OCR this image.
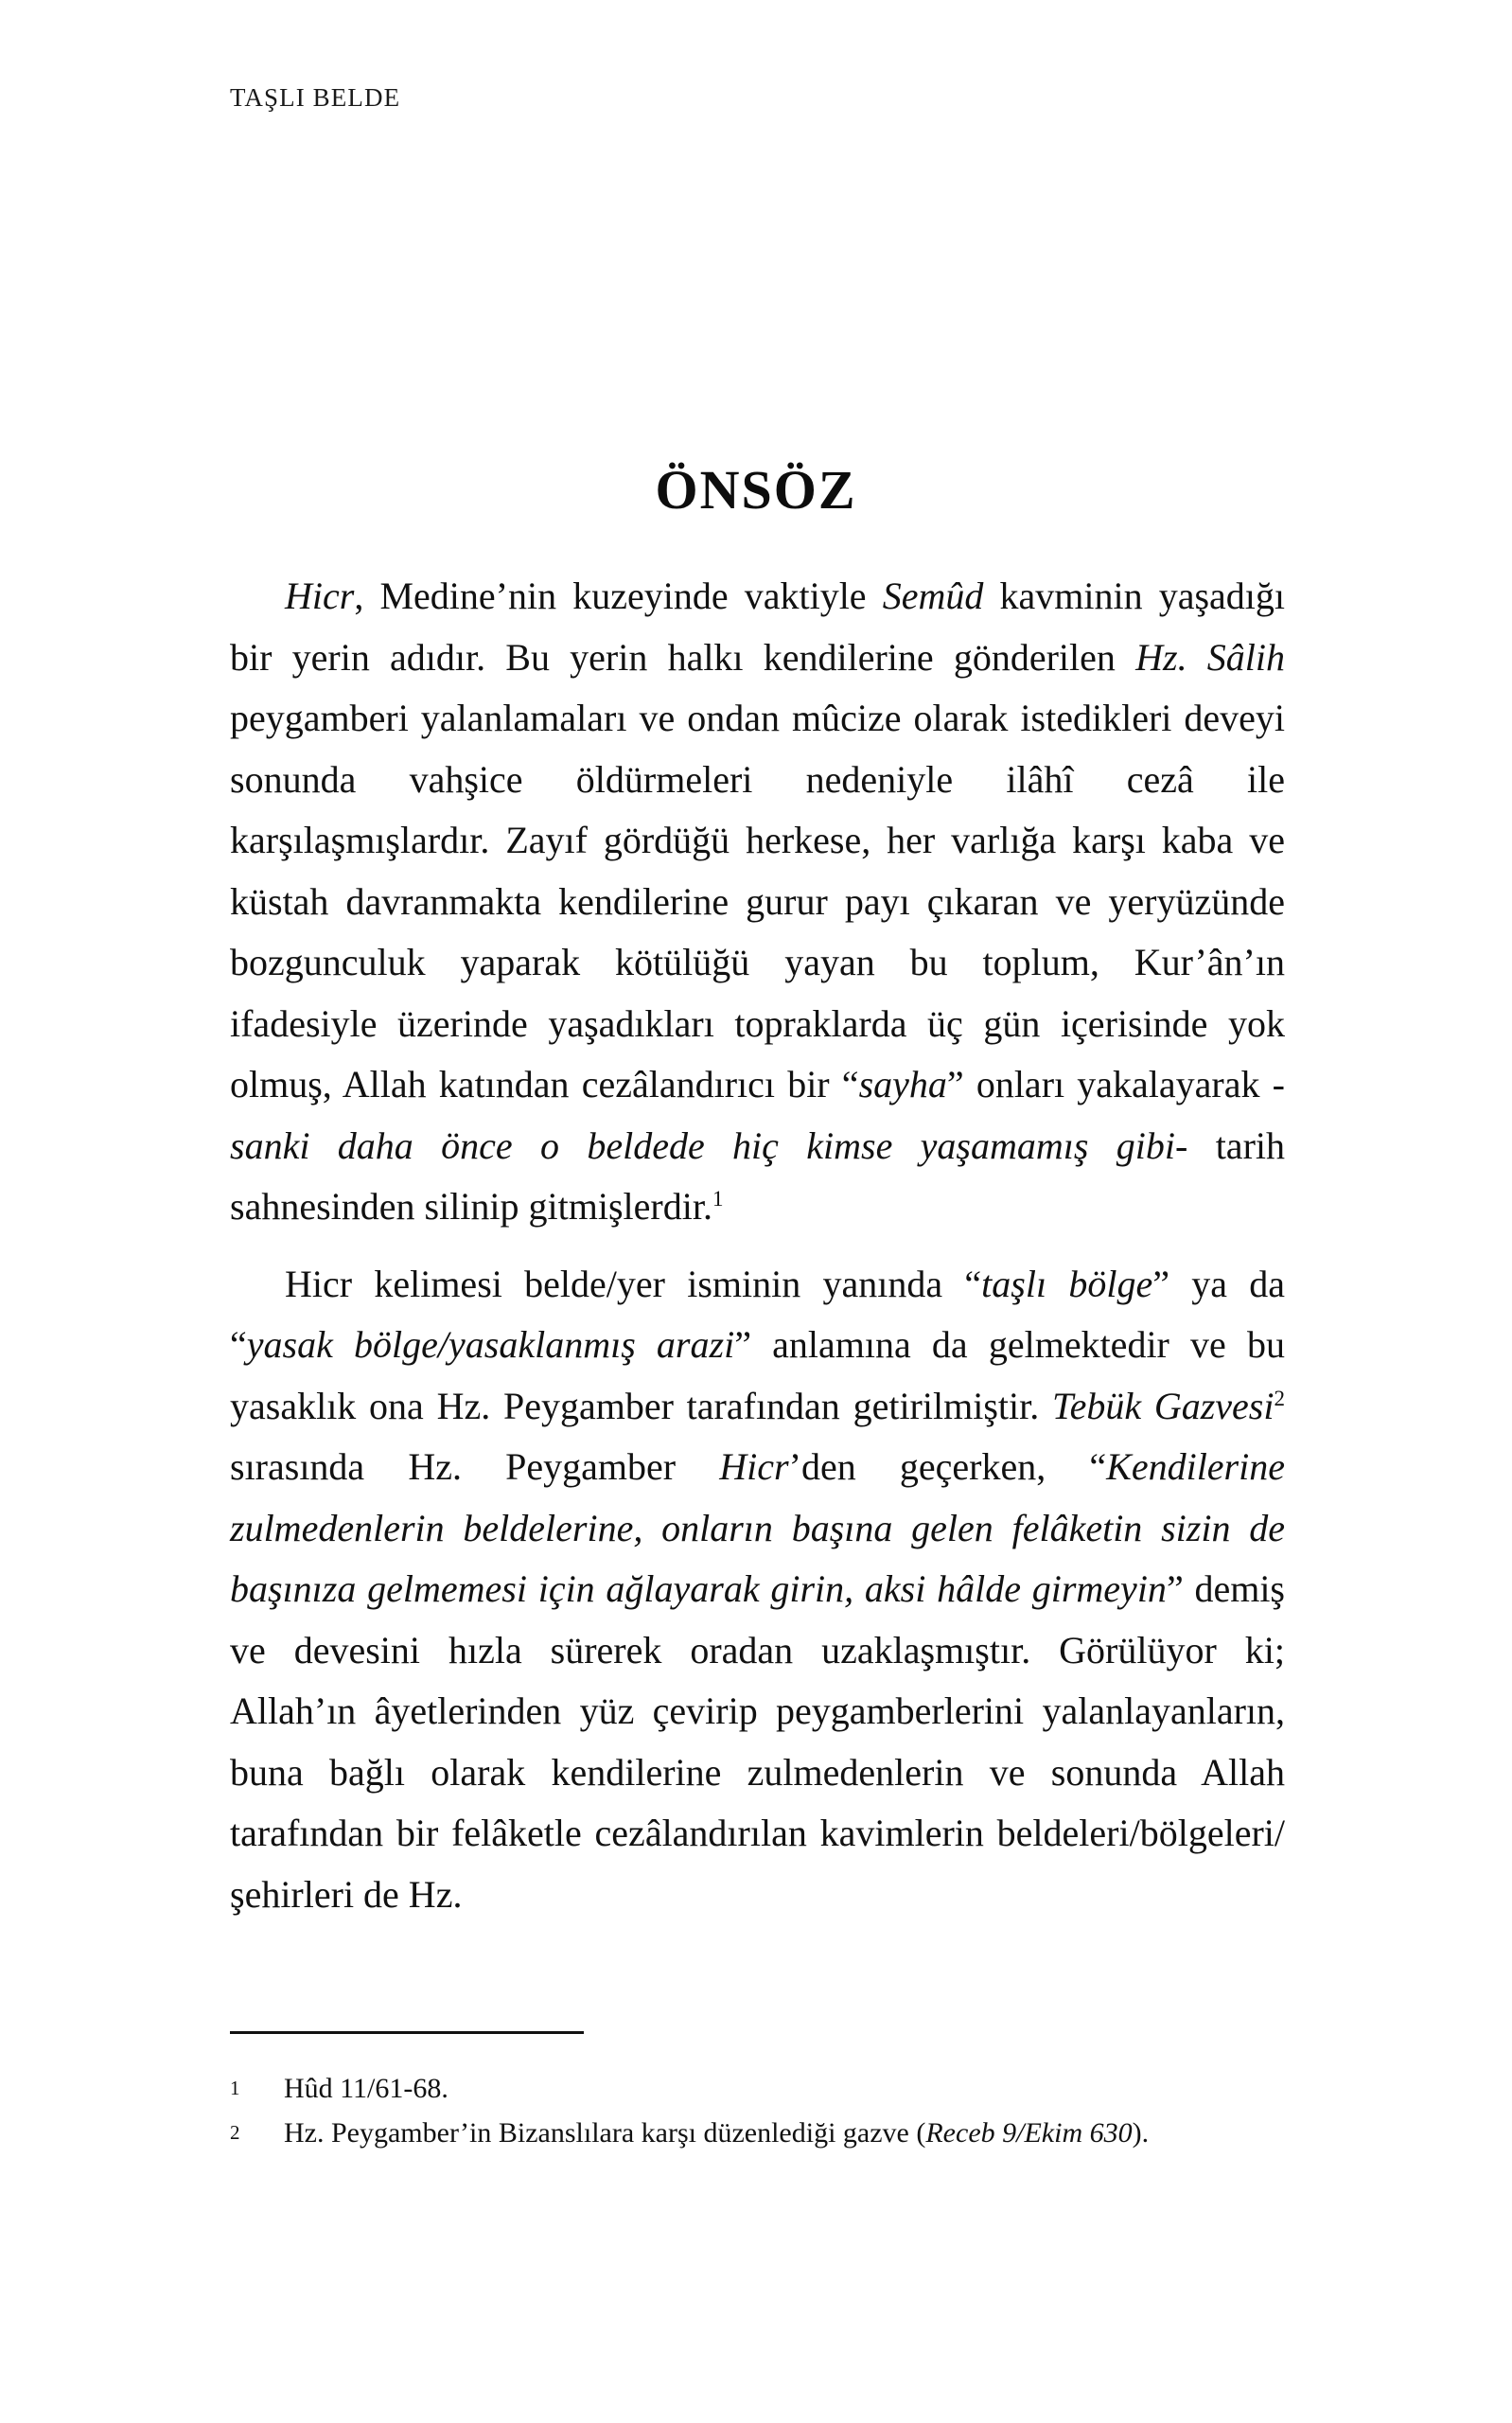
TAŞLI BELDE
ÖNSÖZ

Hicr, Medine’nin kuzeyinde vaktiyle Semûd kavminin yaşadığı bir yerin adıdır. Bu yerin halkı kendilerine gönderilen Hz. Sâlih peygamberi yalanlamaları ve ondan mûcize olarak istedikleri deveyi sonunda vahşice öldürmeleri nedeniyle ilâhî cezâ ile karşılaşmışlardır. Zayıf gördüğü herkese, her varlığa karşı kaba ve küstah davranmakta kendilerine gurur payı çıkaran ve yeryüzünde bozgunculuk yaparak kötülüğü yayan bu toplum, Kur’ân’ın ifadesiyle üzerinde yaşadıkları topraklarda üç gün içerisinde yok olmuş, Allah katından cezâlandırıcı bir “sayha” onları yakalayarak -sanki daha önce o beldede hiç kimse yaşamamış gibi- tarih sahnesinden silinip gitmişlerdir.$^1$

Hicr kelimesi belde/yer isminin yanında “taşlı bölge” ya da “yasak bölge/yasaklanmış arazi” anlamına da gelmektedir ve bu yasaklık ona Hz. Peygamber tarafından getirilmiştir. Tebük Gazvesi$^2$ sırasında Hz. Peygamber Hicr’den geçerken, “Kendilerine zulmedenlerin beldelerine, onların başına gelen felâketin sizin de başınıza gelmemesi için ağlayarak girin, aksi hâlde girmeyin” demiş ve devesini hızla sürerek oradan uzaklaşmıştır. Görülüyor ki; Allah’ın âyetlerinden yüz çevirip peygamberlerini yalanlayanların, buna bağlı olarak kendilerine zulmedenlerin ve sonunda Allah tarafından bir felâketle cezâlandırılan kavimlerin beldeleri/bölgeleri/şehirleri de Hz.

1 Hûd 11/61-68.
2 Hz. Peygamber’in Bizanslılara karşı düzenlediği gazve (Receb 9/Ekim 630).
